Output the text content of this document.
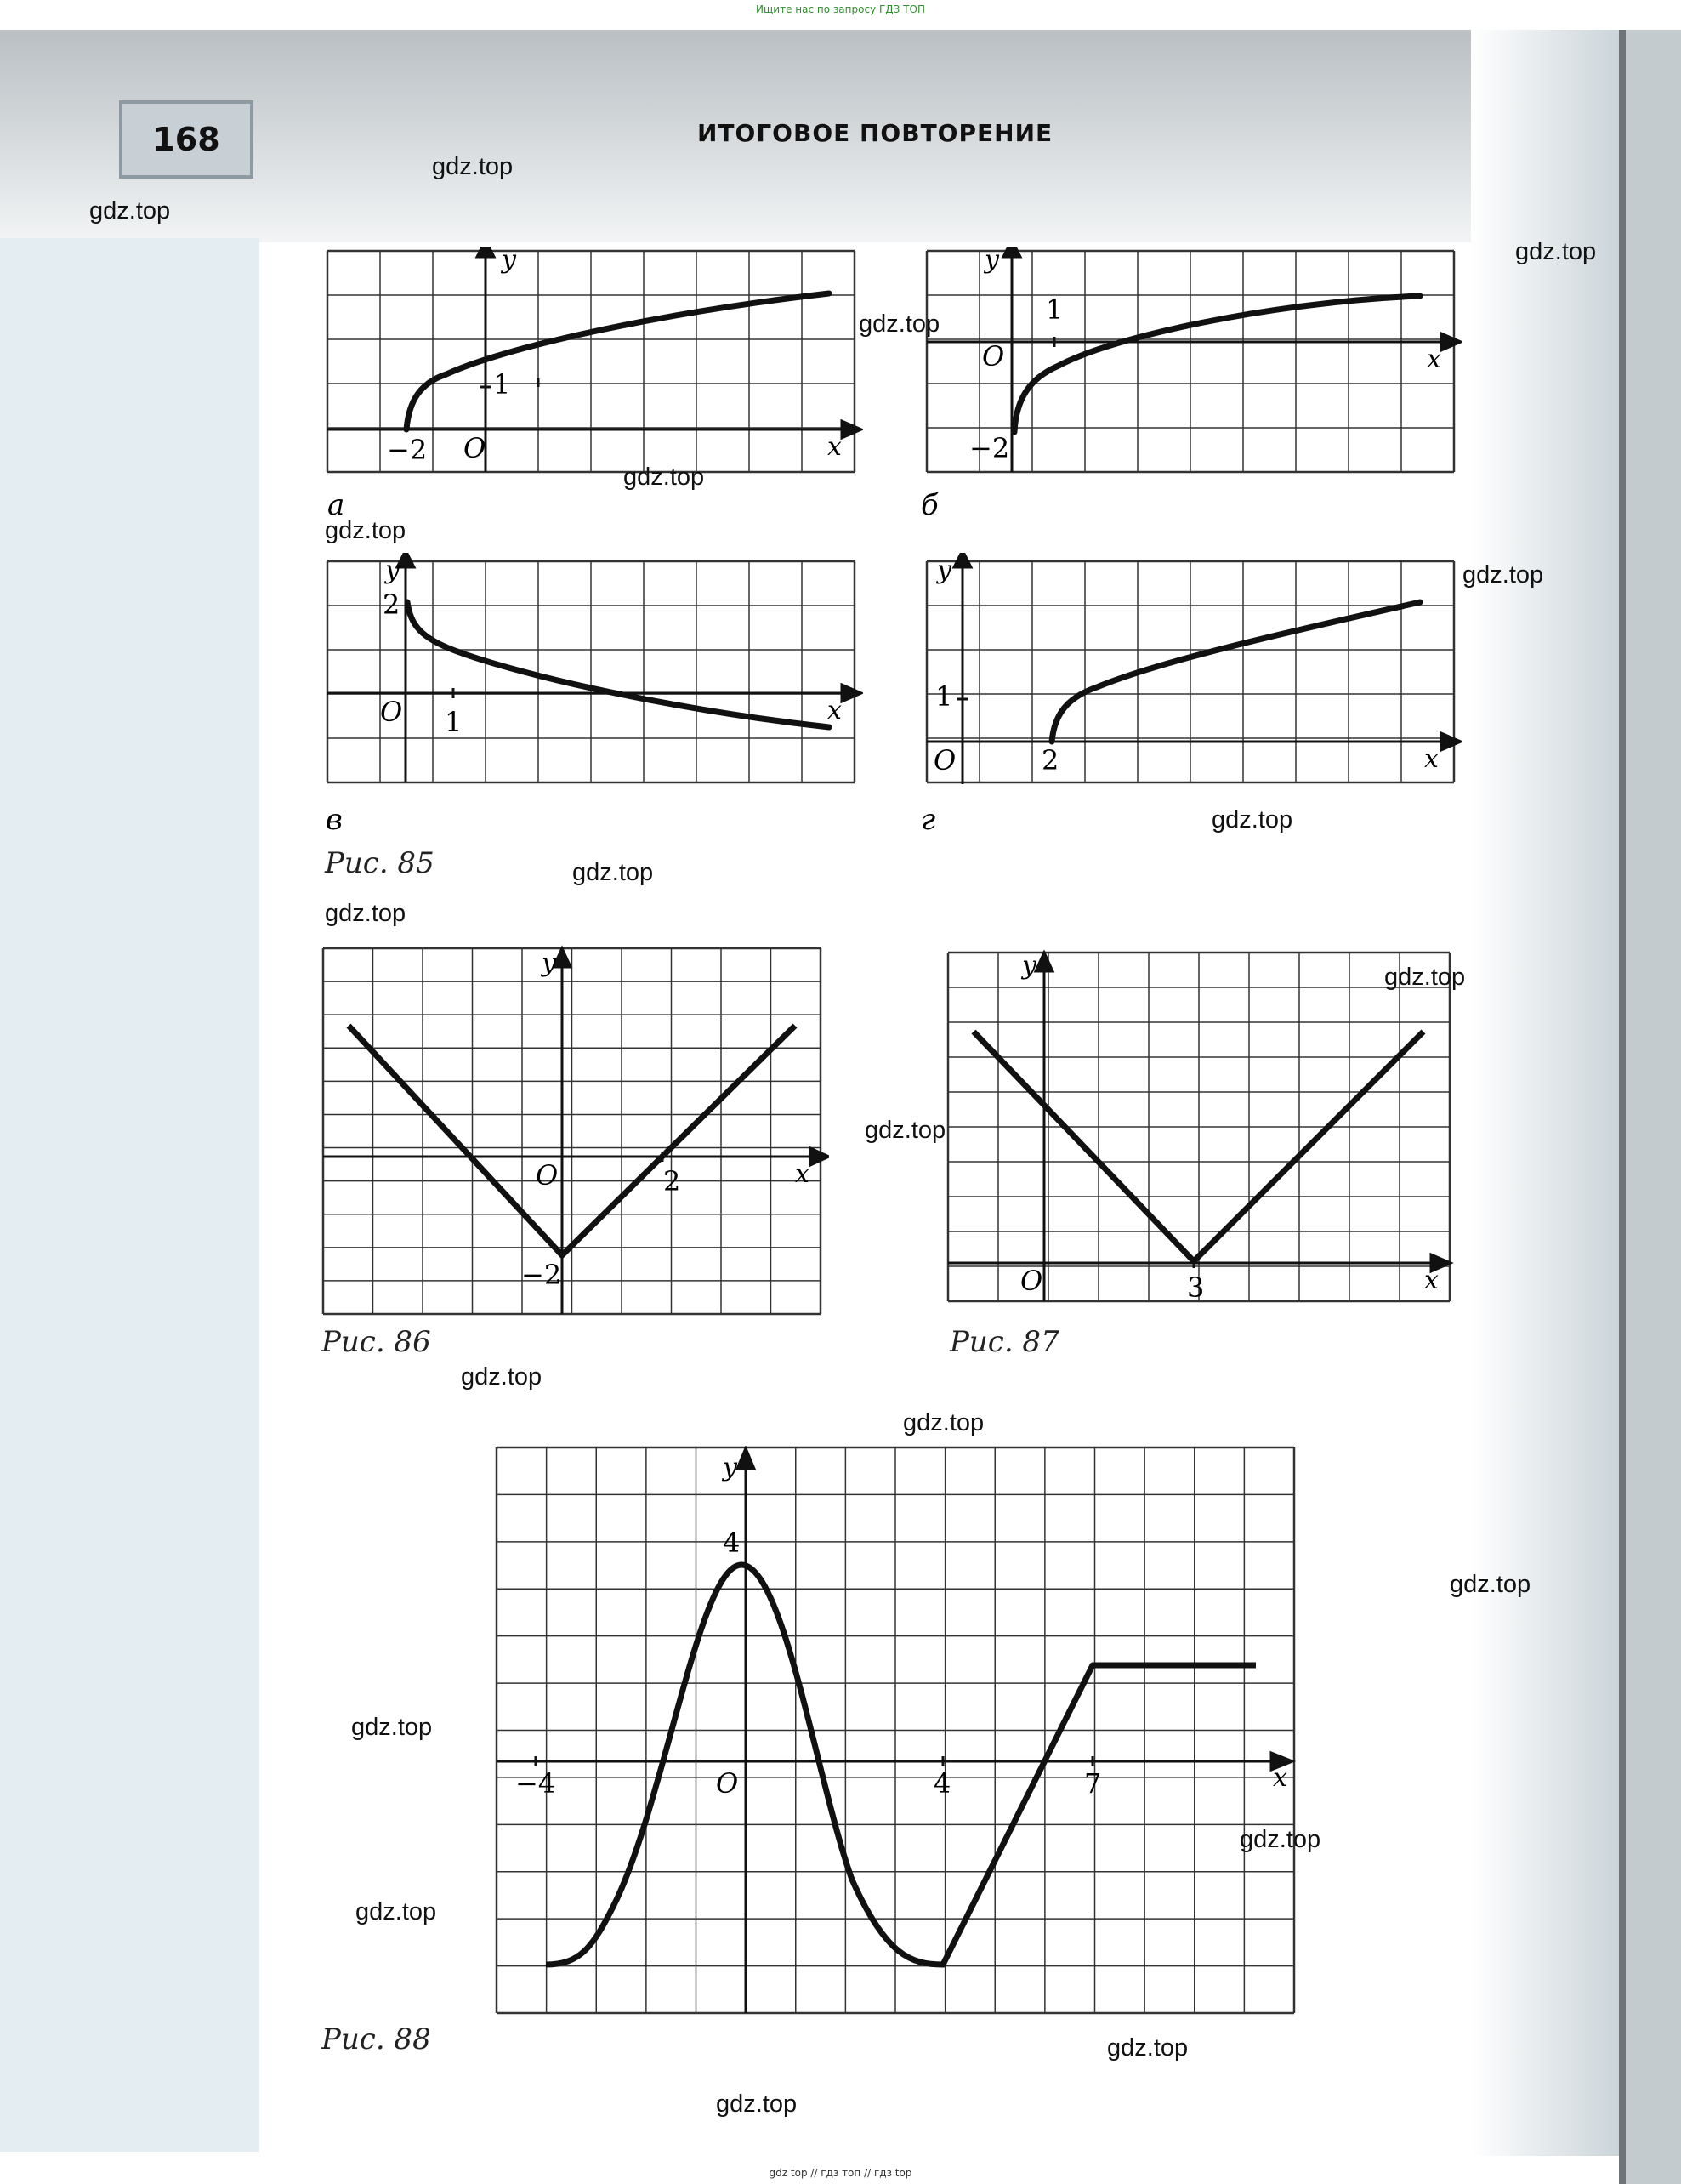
Ищите нас по запросу ГДЗ ТОП
gdz top // гдз топ // гдз top
168	ИТОГОВОЕ ПОВТОРЕНИЕ
y
x
O
−2
1
а
y
x
O
−2
1
б
y
x
O
2
1
в
y
x
O	2
1
г
Рис. 85
y
x
O	2
−2
Рис. 86
y
x
O	3
Рис. 87
y
x
O
−4
4
4	7
Рис. 88
gdz.top
gdz.top
gdz.top
gdz.top
gdz.top
gdz.top
gdz.top
gdz.top
gdz.top
gdz.top
gdz.top
gdz.top
gdz.top
gdz.top
gdz.top
gdz.top
gdz.top
gdz.top
gdz.top
gdz.top
